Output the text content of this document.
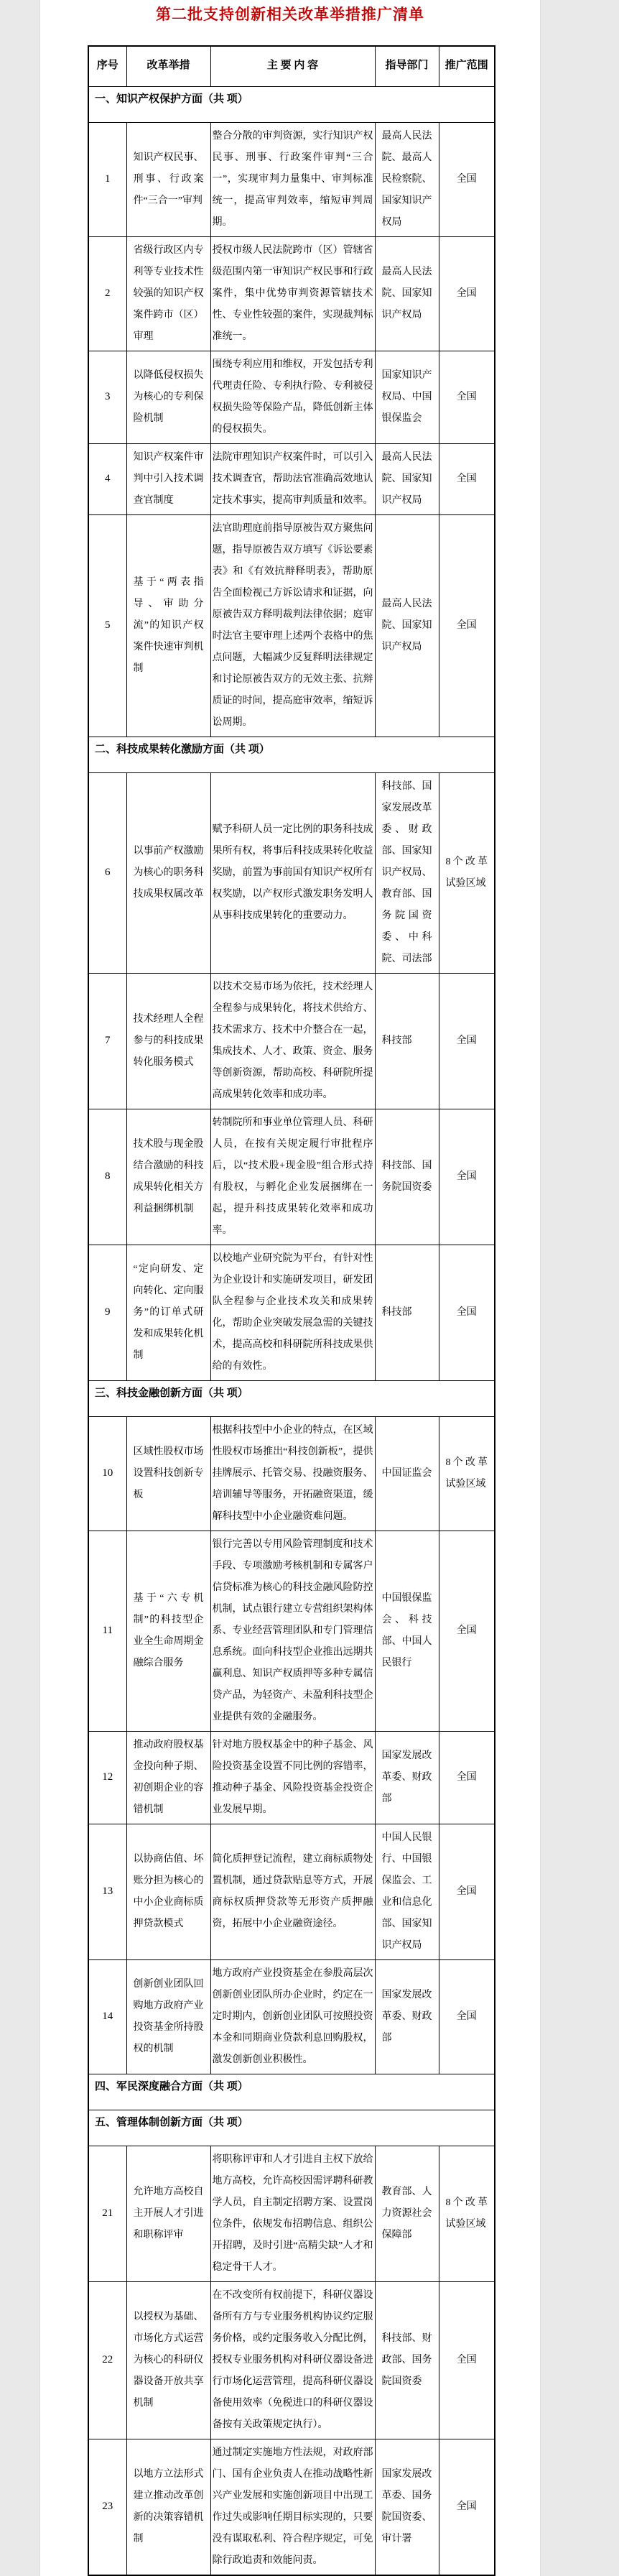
第二批支持创新相关改革举措推广清单
序号	改革举措	主 要 内 容	指导部门	推广范围
一、知识产权保护方面（共 项）				
1	知识产权民事、刑事、行政案件“三合一”审判	整合分散的审判资源，实行知识产权民事、刑事、行政案件审判“三合一”，实现审判力量集中、审判标准统一，提高审判效率，缩短审判周期。	最高人民法院、最高人民检察院、国家知识产权局	全国
2	省级行政区内专利等专业技术性较强的知识产权案件跨市（区）审理	授权市级人民法院跨市（区）管辖省级范围内第一审知识产权民事和行政案件，集中优势审判资源管辖技术性、专业性较强的案件，实现裁判标准统一。	最高人民法院、国家知识产权局	全国
3	以降低侵权损失为核心的专利保险机制	围绕专利应用和维权，开发包括专利代理责任险、专利执行险、专利被侵权损失险等保险产品，降低创新主体的侵权损失。	国家知识产权局、中国银保监会	全国
4	知识产权案件审判中引入技术调查官制度	法院审理知识产权案件时，可以引入技术调查官，帮助法官准确高效地认定技术事实，提高审判质量和效率。	最高人民法院、国家知识产权局	全国
5	基于“两表指导、审助分流”的知识产权案件快速审判机制	法官助理庭前指导原被告双方聚焦问题，指导原被告双方填写《诉讼要素表》和《有效抗辩释明表》，帮助原告全面检视己方诉讼请求和证据，向原被告双方释明裁判法律依据；庭审时法官主要审理上述两个表格中的焦点问题，大幅减少反复释明法律规定和讨论原被告双方的无效主张、抗辩质证的时间，提高庭审效率，缩短诉讼周期。	最高人民法院、国家知识产权局	全国
二、科技成果转化激励方面（共 项）				
6	以事前产权激励为核心的职务科技成果权属改革	赋予科研人员一定比例的职务科技成果所有权，将事后科技成果转化收益奖励，前置为事前国有知识产权所有权奖励，以产权形式激发职务发明人从事科技成果转化的重要动力。	科技部、国家发展改革委、财政部、国家知识产权局、教育部、国务院国资委、中科院、司法部	8个改革试验区域
7	技术经理人全程参与的科技成果转化服务模式	以技术交易市场为依托，技术经理人全程参与成果转化，将技术供给方、技术需求方、技术中介整合在一起，集成技术、人才、政策、资金、服务等创新资源，帮助高校、科研院所提高成果转化效率和成功率。	科技部	全国
8	技术股与现金股结合激励的科技成果转化相关方利益捆绑机制	转制院所和事业单位管理人员、科研人员，在按有关规定履行审批程序后，以“技术股+现金股”组合形式持有股权，与孵化企业发展捆绑在一起，提升科技成果转化效率和成功率。	科技部、国务院国资委	全国
9	“定向研发、定向转化、定向服务”的订单式研发和成果转化机制	以校地产业研究院为平台，有针对性为企业设计和实施研发项目，研发团队全程参与企业技术攻关和成果转化，帮助企业突破发展急需的关键技术，提高高校和科研院所科技成果供给的有效性。	科技部	全国
三、科技金融创新方面（共 项）				
10	区域性股权市场设置科技创新专板	根据科技型中小企业的特点，在区域性股权市场推出“科技创新板”，提供挂牌展示、托管交易、投融资服务、培训辅导等服务，开拓融资渠道，缓解科技型中小企业融资难问题。	中国证监会	8个改革试验区域
11	基于“六专机制”的科技型企业全生命周期金融综合服务	银行完善以专用风险管理制度和技术手段、专项激励考核机制和专属客户信贷标准为核心的科技金融风险防控机制，试点银行建立专营组织架构体系、专业经营管理团队和专门管理信息系统。面向科技型企业推出远期共赢利息、知识产权质押等多种专属信贷产品，为轻资产、未盈利科技型企业提供有效的金融服务。	中国银保监会、科技部、中国人民银行	全国
12	推动政府股权基金投向种子期、初创期企业的容错机制	针对地方股权基金中的种子基金、风险投资基金设置不同比例的容错率，推动种子基金、风险投资基金投资企业发展早期。	国家发展改革委、财政部	全国
13	以协商估值、坏账分担为核心的中小企业商标质押贷款模式	简化质押登记流程，建立商标质物处置机制，通过贷款贴息等方式，开展商标权质押贷款等无形资产质押融资，拓展中小企业融资途径。	中国人民银行、中国银保监会、工业和信息化部、国家知识产权局	全国
14	创新创业团队回购地方政府产业投资基金所持股权的机制	地方政府产业投资基金在参股高层次创新创业团队所办企业时，约定在一定时期内，创新创业团队可按照投资本金和同期商业贷款利息回购股权，激发创新创业积极性。	国家发展改革委、财政部	全国
四、军民深度融合方面（共 项）				
五、管理体制创新方面（共 项）				
21	允许地方高校自主开展人才引进和职称评审	将职称评审和人才引进自主权下放给地方高校，允许高校因需评聘科研教学人员，自主制定招聘方案、设置岗位条件，依规发布招聘信息、组织公开招聘，及时引进“高精尖缺”人才和稳定骨干人才。	教育部、人力资源社会保障部	8个改革试验区域
22	以授权为基础、市场化方式运营为核心的科研仪器设备开放共享机制	在不改变所有权前提下，科研仪器设备所有方与专业服务机构协议约定服务价格，或约定服务收入分配比例，授权专业服务机构对科研仪器设备进行市场化运营管理，提高科研仪器设备使用效率（免税进口的科研仪器设备按有关政策规定执行）。	科技部、财政部、国务院国资委	全国
23	以地方立法形式建立推动改革创新的决策容错机制	通过制定实施地方性法规，对政府部门、国有企业负责人在推动战略性新兴产业发展和实施创新项目中出现工作过失或影响任期目标实现的，只要没有谋取私利、符合程序规定，可免除行政追责和效能问责。	国家发展改革委、国务院国资委、审计署	全国
